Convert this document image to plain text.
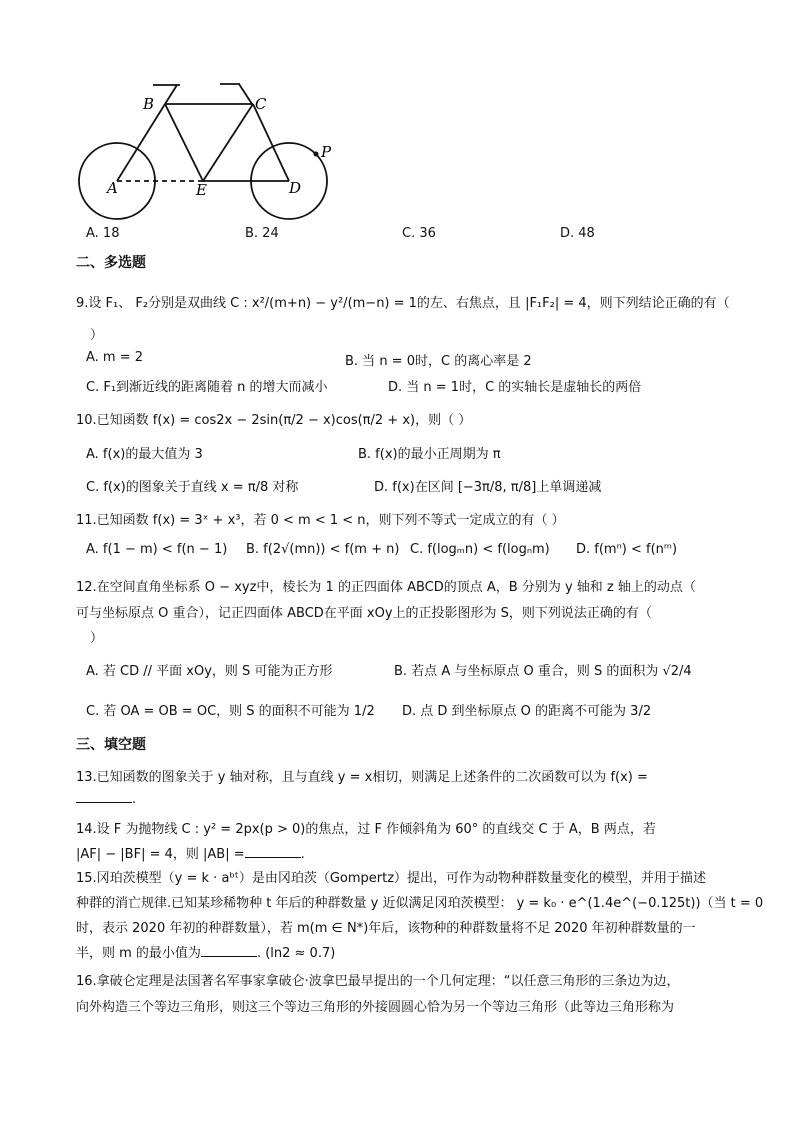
A
B	C
D
E
P
A. 18	B. 24	C. 36	D. 48
二、多选题
9.设 F₁、 F₂分别是双曲线 C : x²/(m+n) − y²/(m−n) = 1的左、右焦点，且 |F₁F₂| = 4，则下列结论正确的有（
）
A. m = 2	B. 当 n = 0时，C 的离心率是 2
C. F₁到渐近线的距离随着 n 的增大而减小	D. 当 n = 1时，C 的实轴长是虚轴长的两倍
10.已知函数 f(x) = cos2x − 2sin(π/2 − x)cos(π/2 + x)，则（ ）
A. f(x)的最大值为 3	B. f(x)的最小正周期为 π
C. f(x)的图象关于直线 x = π/8 对称	D. f(x)在区间 [−3π/8, π/8]上单调递减
11.已知函数 f(x) = 3ˣ + x³，若 0 < m < 1 < n，则下列不等式一定成立的有（ ）
A. f(1 − m) < f(n − 1) B. f(2√(mn)) < f(m + n) C. f(logₘn) < f(logₙm) D. f(mⁿ) < f(nᵐ)
12.在空间直角坐标系 O − xyz中，棱长为 1 的正四面体 ABCD的顶点 A，B 分别为 y 轴和 z 轴上的动点（
可与坐标原点 O 重合），记正四面体 ABCD在平面 xOy上的正投影图形为 S，则下列说法正确的有（
）
A. 若 CD // 平面 xOy，则 S 可能为正方形	B. 若点 A 与坐标原点 O 重合，则 S 的面积为 √2/4
C. 若 OA = OB = OC，则 S 的面积不可能为 1/2 D. 点 D 到坐标原点 O 的距离不可能为 3/2
三、填空题
13.已知函数的图象关于 y 轴对称，且与直线 y = x相切，则满足上述条件的二次函数可以为 f(x) =
.
14.设 F 为抛物线 C : y² = 2px(p > 0)的焦点，过 F 作倾斜角为 60° 的直线交 C 于 A，B 两点，若
|AF| − |BF| = 4，则 |AB| =	.
15.冈珀茨模型（y = k · aᵇᵗ）是由冈珀茨（Gompertz）提出，可作为动物种群数量变化的模型，并用于描述
种群的消亡规律.已知某珍稀物种 t 年后的种群数量 y 近似满足冈珀茨模型： y = k₀ · e^(1.4e^(−0.125t))（当 t = 0
时，表示 2020 年初的种群数量），若 m(m ∈ N*)年后，该物种的种群数量将不足 2020 年初种群数量的一
半，则 m 的最小值为	. (ln2 ≈ 0.7)
16.拿破仑定理是法国著名军事家拿破仑·波拿巴最早提出的一个几何定理：“以任意三角形的三条边为边，
向外构造三个等边三角形，则这三个等边三角形的外接圆圆心恰为另一个等边三角形（此等边三角形称为
